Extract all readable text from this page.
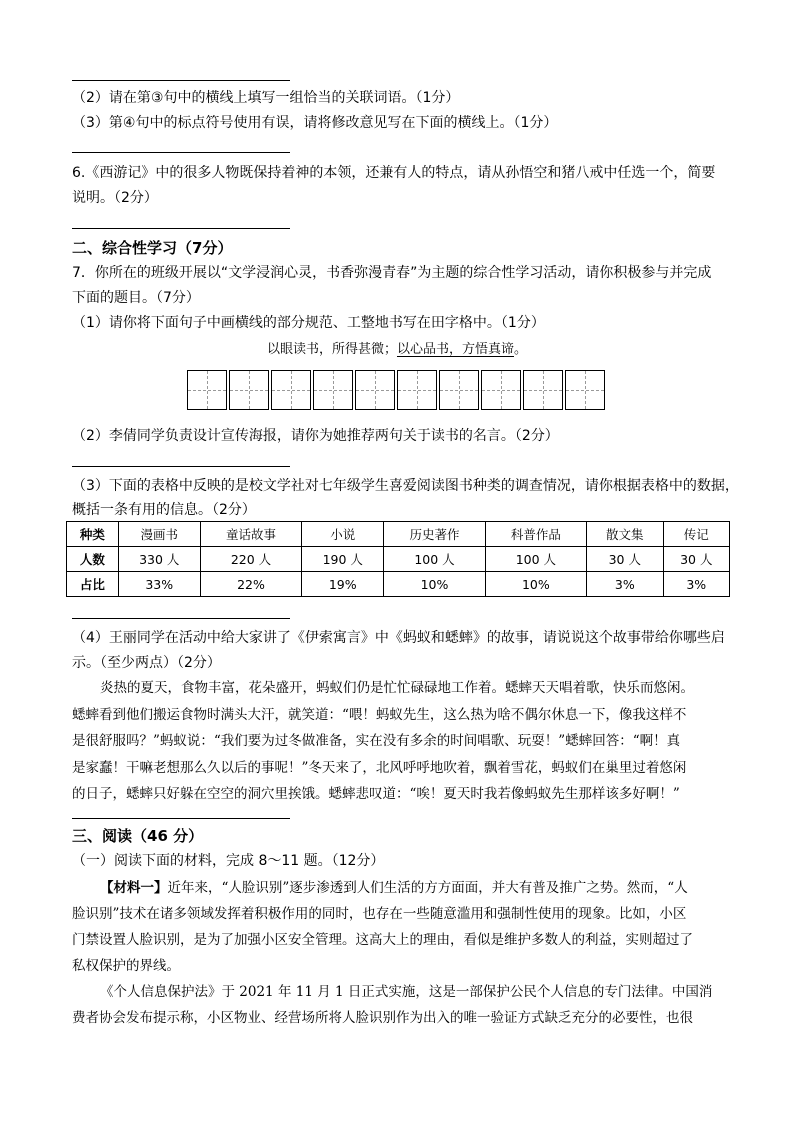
（2）请在第③句中的横线上填写一组恰当的关联词语。（1分）
（3）第④句中的标点符号使用有误，请将修改意见写在下面的横线上。（1分）
6.《西游记》中的很多人物既保持着神的本领，还兼有人的特点，请从孙悟空和猪八戒中任选一个，简要
说明。（2分）
二、综合性学习（7分）
7．你所在的班级开展以“文学浸润心灵，书香弥漫青春”为主题的综合性学习活动，请你积极参与并完成
下面的题目。（7分）
（1）请你将下面句子中画横线的部分规范、工整地书写在田字格中。（1分）
以眼读书，所得甚微；以心品书，方悟真谛。
（2）李倩同学负责设计宣传海报，请你为她推荐两句关于读书的名言。（2分）
（3）下面的表格中反映的是校文学社对七年级学生喜爱阅读图书种类的调查情况，请你根据表格中的数据，
概括一条有用的信息。（2分）
种类	漫画书	童话故事	小说	历史著作	科普作品	散文集	传记
人数	330 人	220 人	190 人	100 人	100 人	30 人	30 人
占比	33%	22%	19%	10%	10%	3%	3%
（4）王丽同学在活动中给大家讲了《伊索寓言》中《蚂蚁和蟋蟀》的故事，请说说这个故事带给你哪些启
示。（至少两点）（2分）

炎热的夏天，食物丰富，花朵盛开，蚂蚁们仍是忙忙碌碌地工作着。蟋蟀天天唱着歌，快乐而悠闲。

蟋蟀看到他们搬运食物时满头大汗，就笑道：“喂！蚂蚁先生，这么热为啥不偶尔休息一下，像我这样不

是很舒服吗？”蚂蚁说：“我们要为过冬做准备，实在没有多余的时间唱歌、玩耍！”蟋蟀回答：“啊！真

是家蠢！干嘛老想那么久以后的事呢！”冬天来了，北风呼呼地吹着，飘着雪花，蚂蚁们在巢里过着悠闲

的日子，蟋蟀只好躲在空空的洞穴里挨饿。蟋蟀悲叹道：“唉！夏天时我若像蚂蚁先生那样该多好啊！”

三、阅读（46 分）
（一）阅读下面的材料，完成 8～11 题。（12分）

【材料一】近年来，“人脸识别”逐步渗透到人们生活的方方面面，并大有普及推广之势。然而，“人

脸识别”技术在诸多领域发挥着积极作用的同时，也存在一些随意滥用和强制性使用的现象。比如，小区

门禁设置人脸识别，是为了加强小区安全管理。这高大上的理由，看似是维护多数人的利益，实则超过了

私权保护的界线。

《个人信息保护法》于 2021 年 11 月 1 日正式实施，这是一部保护公民个人信息的专门法律。中国消

费者协会发布提示称，小区物业、经营场所将人脸识别作为出入的唯一验证方式缺乏充分的必要性，也很
